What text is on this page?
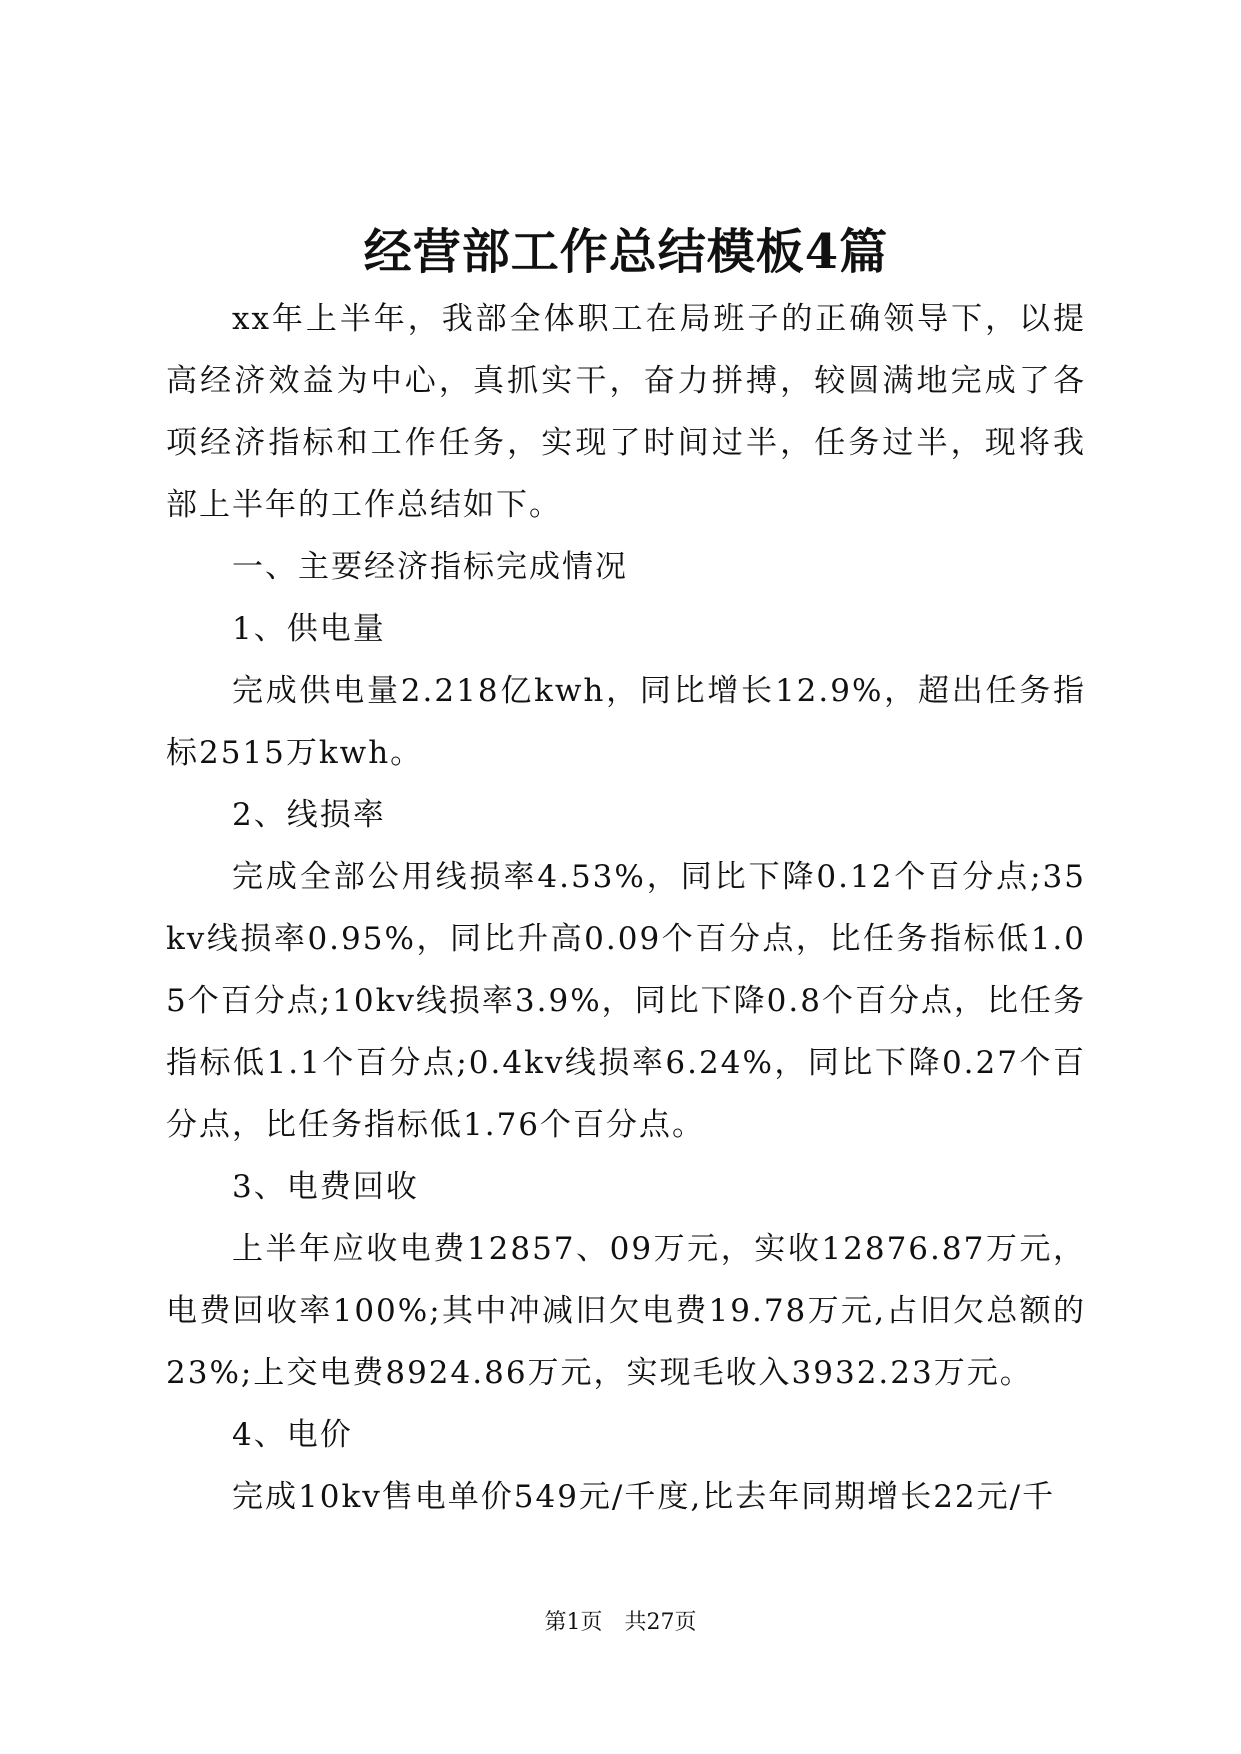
经营部工作总结模板4篇

xx年上半年，我部全体职工在局班子的正确领导下，以提高经济效益为中心，真抓实干，奋力拼搏，较圆满地完成了各项经济指标和工作任务，实现了时间过半，任务过半，现将我部上半年的工作总结如下。

一、主要经济指标完成情况

1、供电量

完成供电量2.218亿kwh，同比增长12.9%，超出任务指标2515万kwh。

2、线损率

完成全部公用线损率4.53%，同比下降0.12个百分点;35kv线损率0.95%，同比升高0.09个百分点，比任务指标低1.05个百分点;10kv线损率3.9%，同比下降0.8个百分点，比任务指标低1.1个百分点;0.4kv线损率6.24%，同比下降0.27个百分点，比任务指标低1.76个百分点。

3、电费回收

上半年应收电费12857、09万元，实收12876.87万元，电费回收率100%;其中冲减旧欠电费19.78万元,占旧欠总额的23%;上交电费8924.86万元，实现毛收入3932.23万元。

4、电价

完成10kv售电单价549元/千度,比去年同期增长22元/千

第1页 共27页
